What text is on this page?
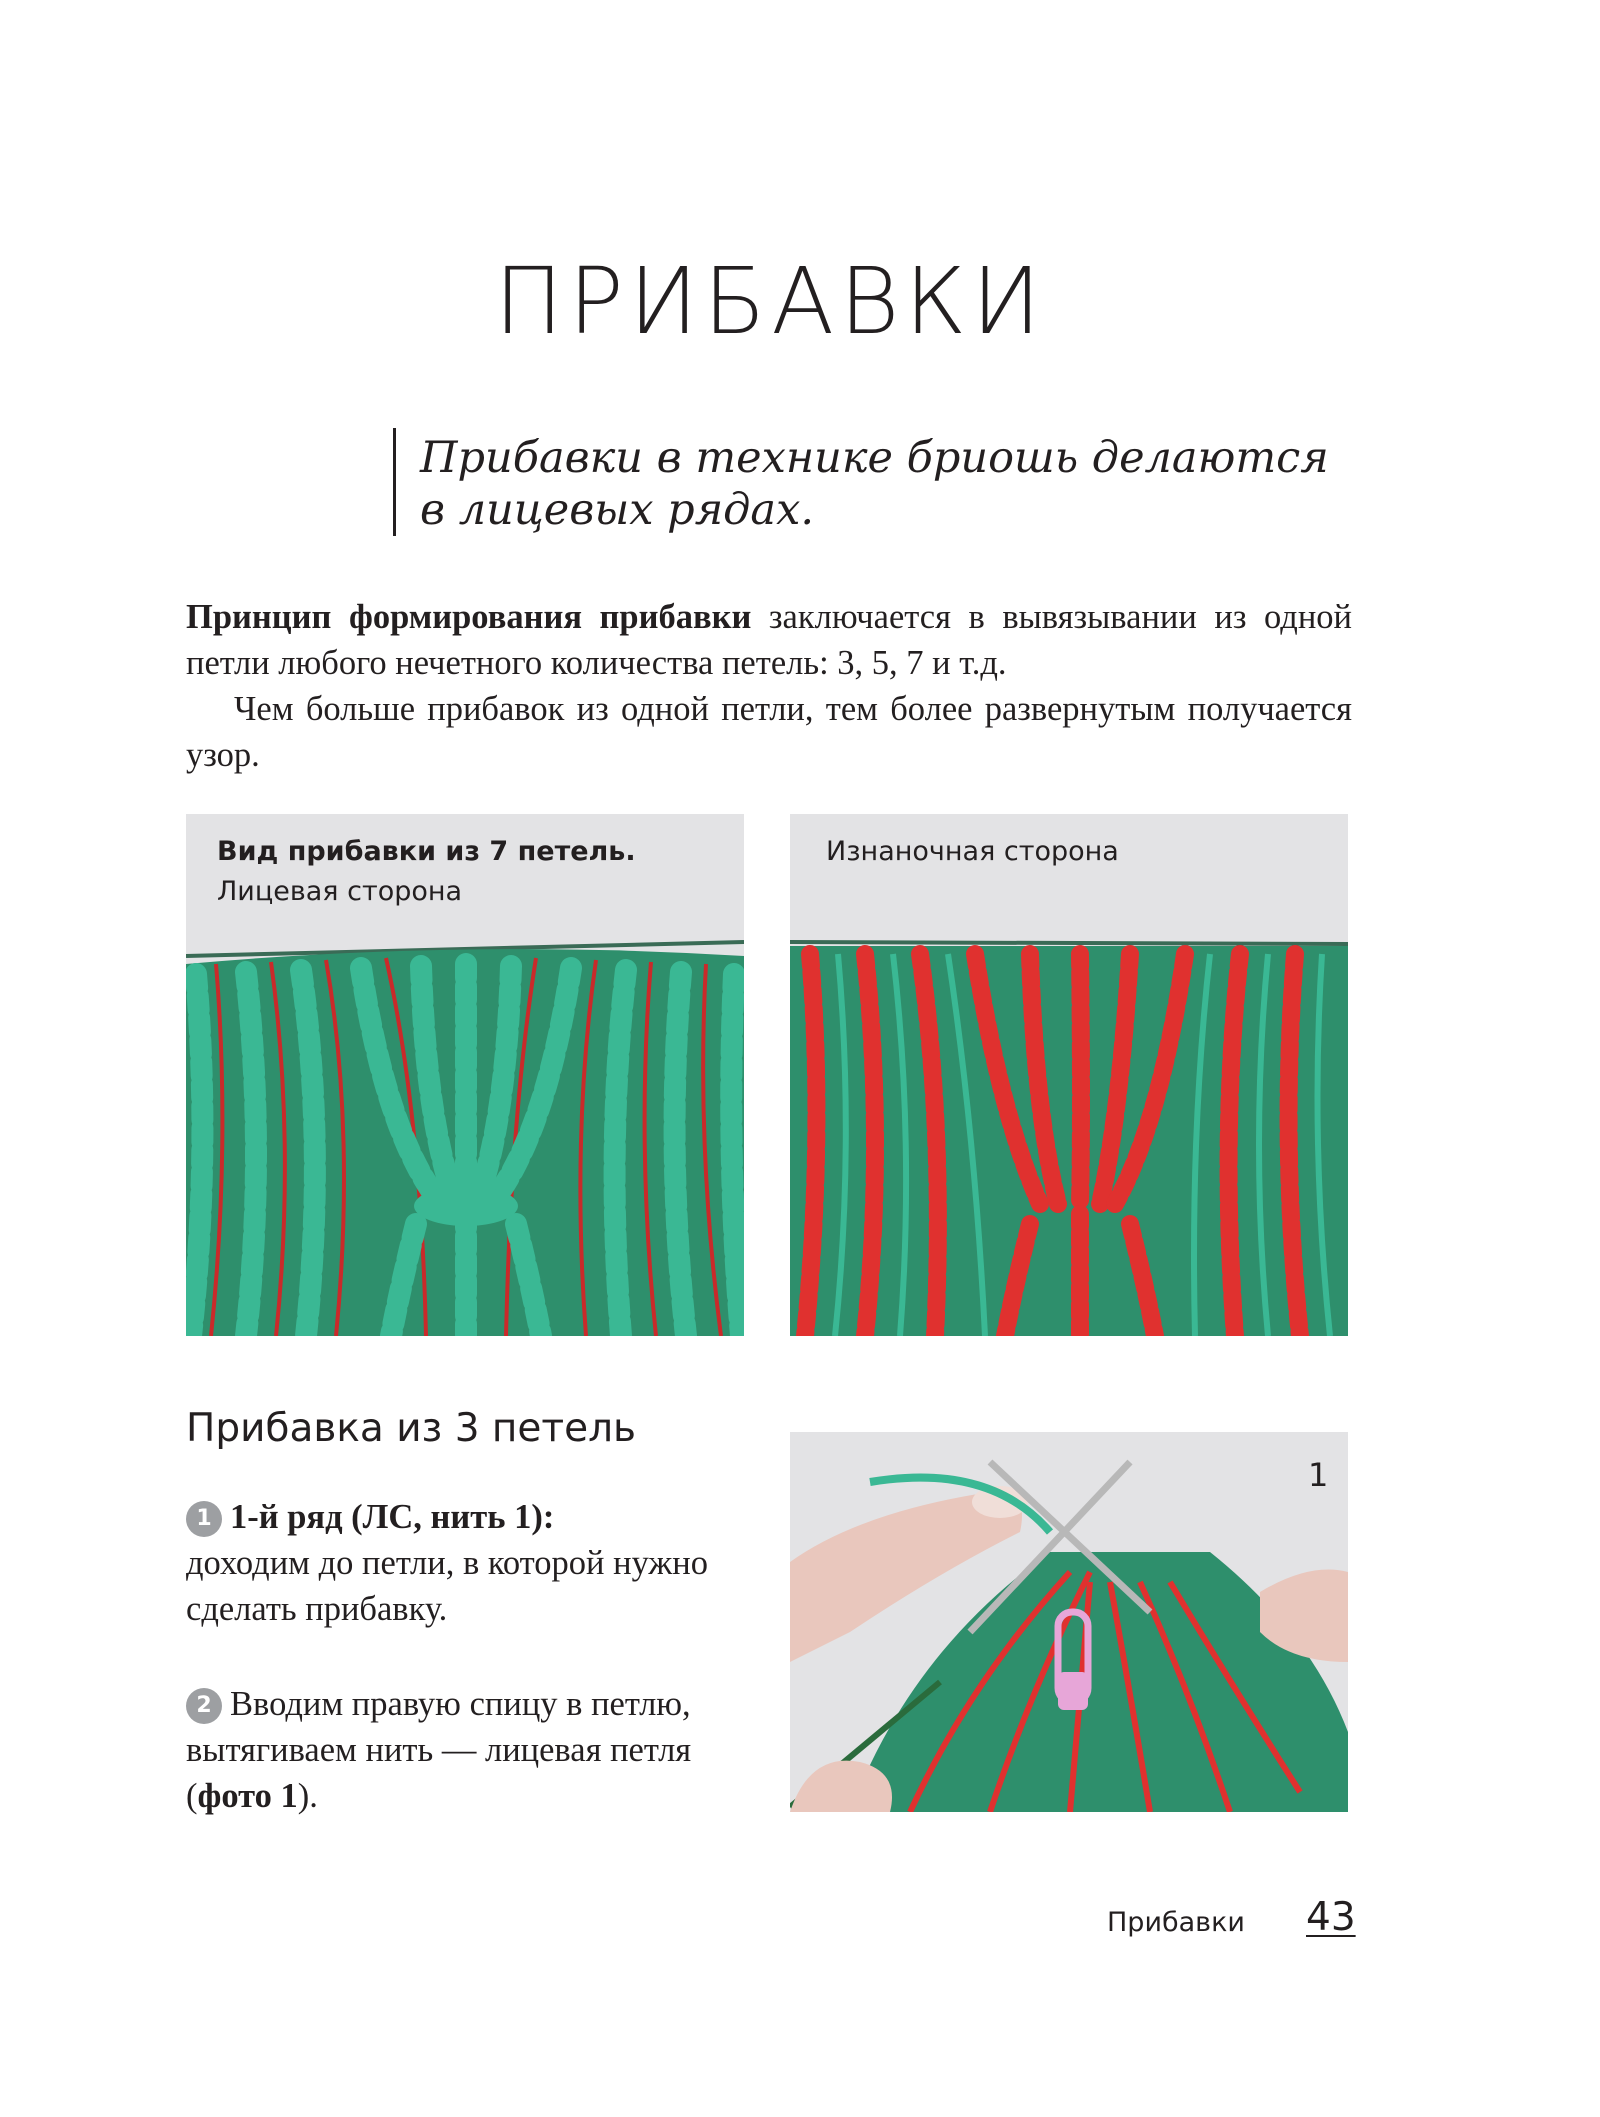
ПРИБАВКИ
Прибавки в технике бриошь делаются
в лицевых рядах.

Принцип формирования прибавки заключается в вывязывании из одной петли любого нечетного количества петель: 3, 5, 7 и т.д.

Чем больше прибавок из одной петли, тем более развернутым получается узор.

Вид прибавки из 7 петель.
Лицевая сторона
Изнаночная сторона
Прибавка из 3 петель
1 1-й ряд (ЛС, нить 1):
доходим до петли, в которой нужно сделать прибавку.
2 Вводим правую спицу в петлю, вытягиваем нить — лицевая петля (фото 1).
1
Прибавки 43
